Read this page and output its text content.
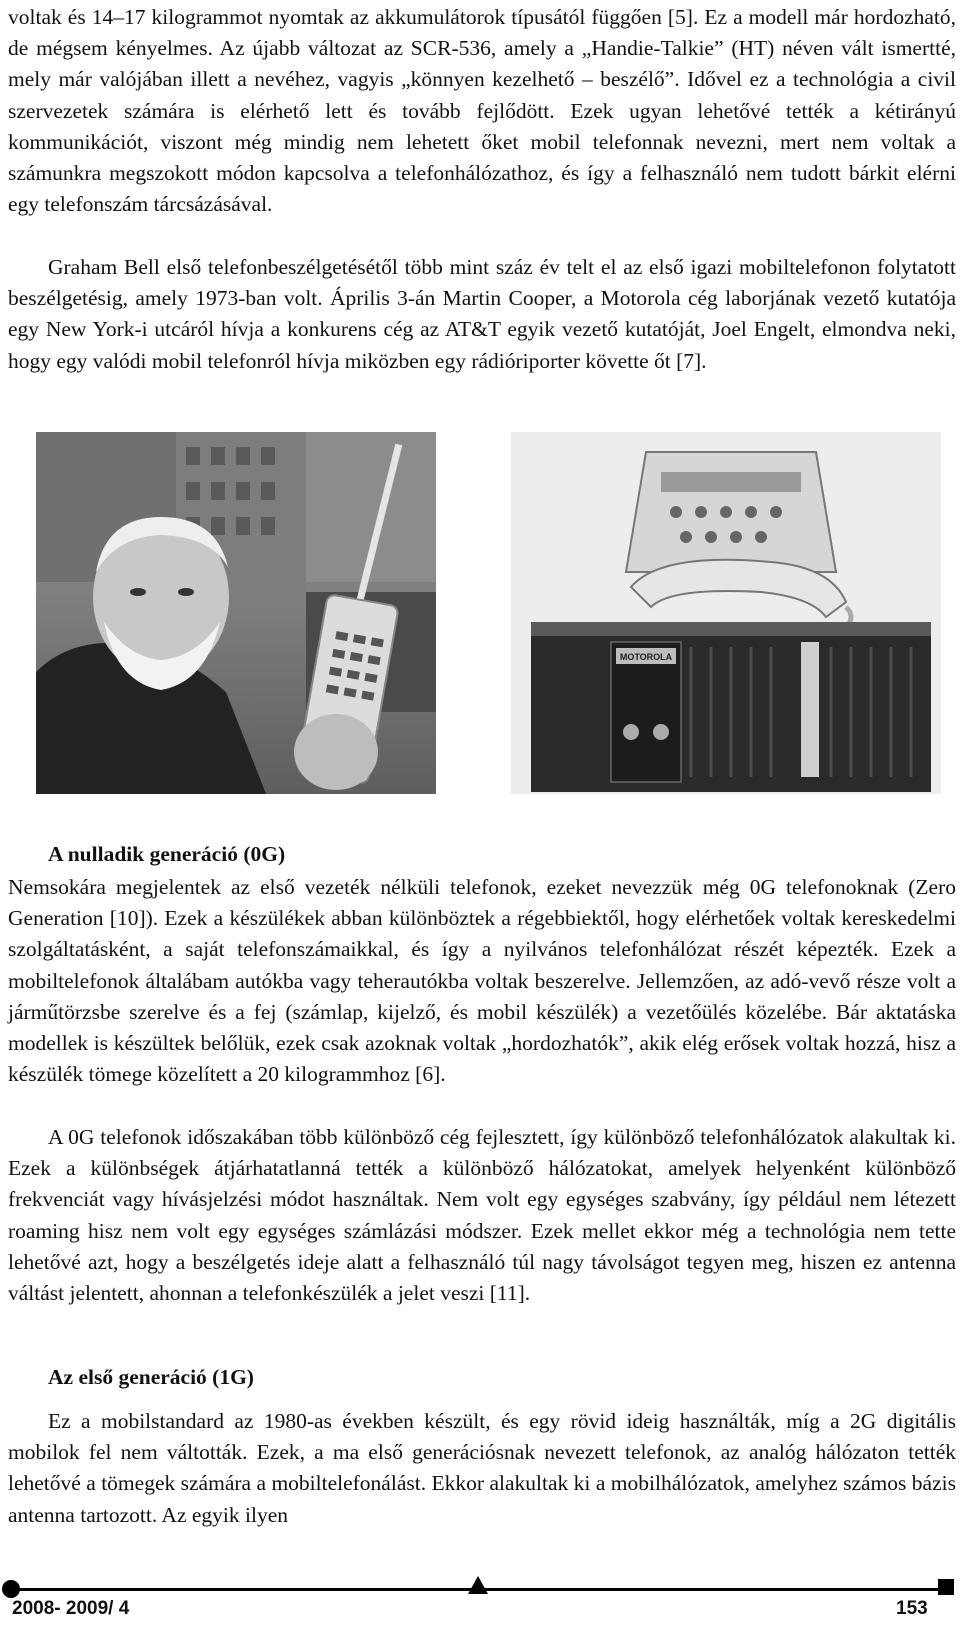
voltak és 14–17 kilogrammot nyomtak az akkumulátorok típusától függően [5]. Ez a modell már hordozható, de mégsem kényelmes. Az újabb változat az SCR-536, amely a „Handie-Talkie” (HT) néven vált ismertté, mely már valójában illett a nevéhez, vagyis „könnyen kezelhető – beszélő”. Idővel ez a technológia a civil szervezetek számára is elérhető lett és tovább fejlődött. Ezek ugyan lehetővé tették a kétirányú kommunikációt, viszont még mindig nem lehetett őket mobil telefonnak nevezni, mert nem voltak a számunkra megszokott módon kapcsolva a telefonhálózathoz, és így a felhasználó nem tudott bárkit elérni egy telefonszám tárcsázásával.

Graham Bell első telefonbeszélgetésétől több mint száz év telt el az első igazi mobiltelefonon folytatott beszélgetésig, amely 1973-ban volt. Április 3-án Martin Cooper, a Motorola cég laborjának vezető kutatója egy New York-i utcáról hívja a konkurens cég az AT&T egyik vezető kutatóját, Joel Engelt, elmondva neki, hogy egy valódi mobil telefonról hívja miközben egy rádióriporter követte őt [7].

MOTOROLA
A nulladik generáció (0G)

Nemsokára megjelentek az első vezeték nélküli telefonok, ezeket nevezzük még 0G telefonoknak (Zero Generation [10]). Ezek a készülékek abban különböztek a régebbiektől, hogy elérhetőek voltak kereskedelmi szolgáltatásként, a saját telefonszámaikkal, és így a nyilvános telefonhálózat részét képezték. Ezek a mobiltelefonok általábam autókba vagy teherautókba voltak beszerelve. Jellemzően, az adó-vevő része volt a járműtörzsbe szerelve és a fej (számlap, kijelző, és mobil készülék) a vezetőülés közelébe. Bár aktatáska modellek is készültek belőlük, ezek csak azoknak voltak „hordozhatók”, akik elég erősek voltak hozzá, hisz a készülék tömege közelített a 20 kilogrammhoz [6].

A 0G telefonok időszakában több különböző cég fejlesztett, így különböző telefonhálózatok alakultak ki. Ezek a különbségek átjárhatatlanná tették a különböző hálózatokat, amelyek helyenként különböző frekvenciát vagy hívásjelzési módot használtak. Nem volt egy egységes szabvány, így például nem létezett roaming hisz nem volt egy egységes számlázási módszer. Ezek mellet ekkor még a technológia nem tette lehetővé azt, hogy a beszélgetés ideje alatt a felhasználó túl nagy távolságot tegyen meg, hiszen ez antenna váltást jelentett, ahonnan a telefonkészülék a jelet veszi [11].

Az első generáció (1G)

Ez a mobilstandard az 1980-as években készült, és egy rövid ideig használták, míg a 2G digitális mobilok fel nem váltották. Ezek, a ma első generációsnak nevezett telefonok, az analóg hálózaton tették lehetővé a tömegek számára a mobiltelefonálást. Ekkor alakultak ki a mobilhálózatok, amelyhez számos bázis antenna tartozott. Az egyik ilyen

2008- 2009/ 4	153
